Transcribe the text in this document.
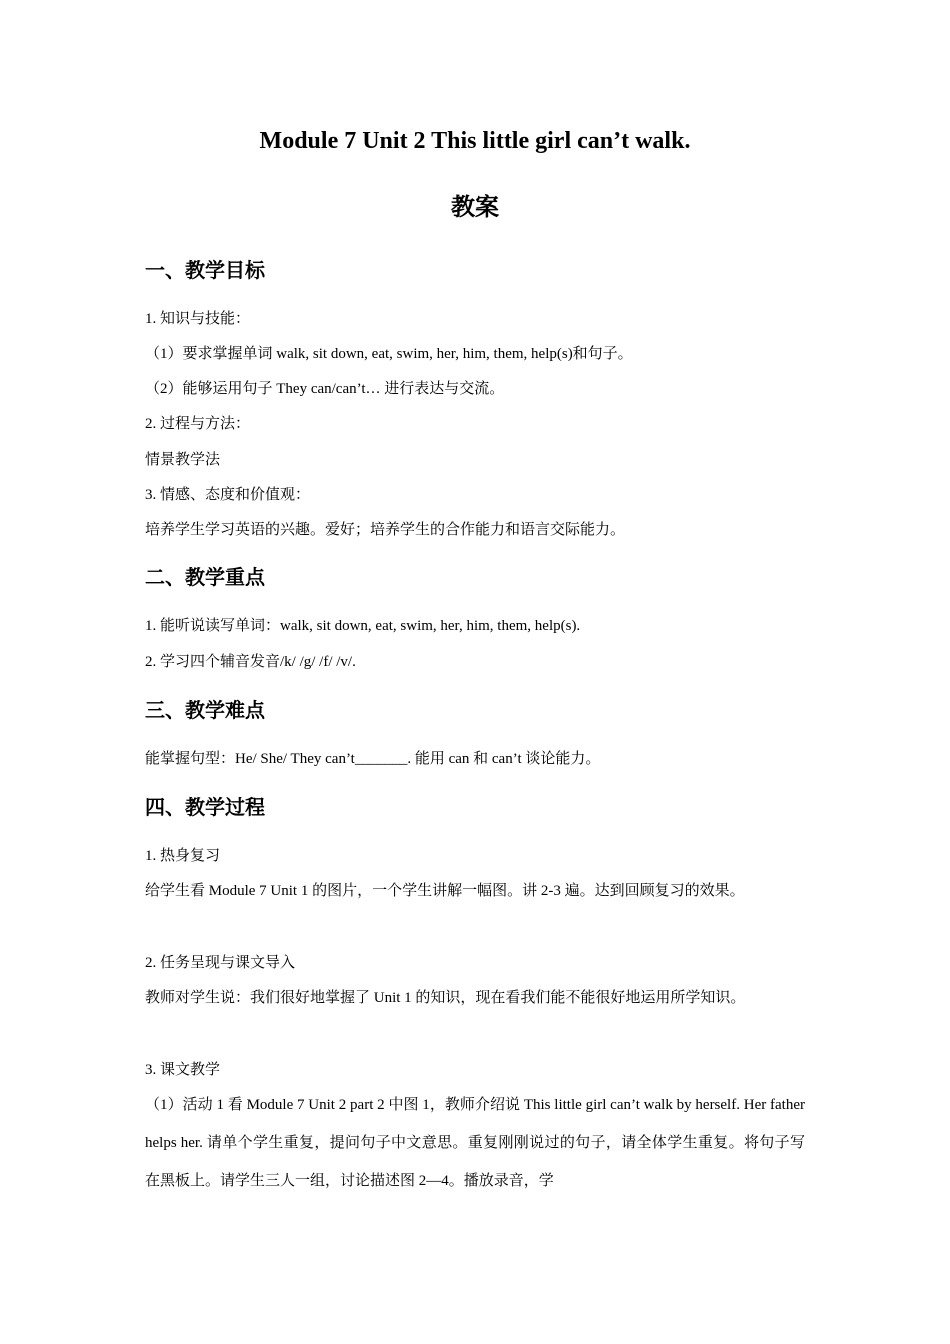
Module 7 Unit 2 This little girl can’t walk.
教案
一、教学目标
1. 知识与技能：
（1）要求掌握单词 walk, sit down, eat, swim, her, him, them, help(s)和句子。
（2）能够运用句子 They can/can’t… 进行表达与交流。
2. 过程与方法：
情景教学法
3. 情感、态度和价值观：
培养学生学习英语的兴趣。爱好；培养学生的合作能力和语言交际能力。
二、教学重点
1. 能听说读写单词：walk, sit down, eat, swim, her, him, them, help(s).
2. 学习四个辅音发音/k/ /g/ /f/ /v/.
三、教学难点
能掌握句型：He/ She/ They can’t_______. 能用 can 和 can’t 谈论能力。
四、教学过程
1. 热身复习
给学生看 Module 7 Unit 1 的图片，一个学生讲解一幅图。讲 2-3 遍。达到回顾复习的效果。
2. 任务呈现与课文导入
教师对学生说：我们很好地掌握了 Unit 1 的知识，现在看我们能不能很好地运用所学知识。
3. 课文教学
（1）活动 1 看 Module 7 Unit 2 part 2 中图 1，教师介绍说 This little girl can’t walk by herself. Her father helps her. 请单个学生重复，提问句子中文意思。重复刚刚说过的句子，请全体学生重复。将句子写在黑板上。请学生三人一组，讨论描述图 2—4。播放录音，学
